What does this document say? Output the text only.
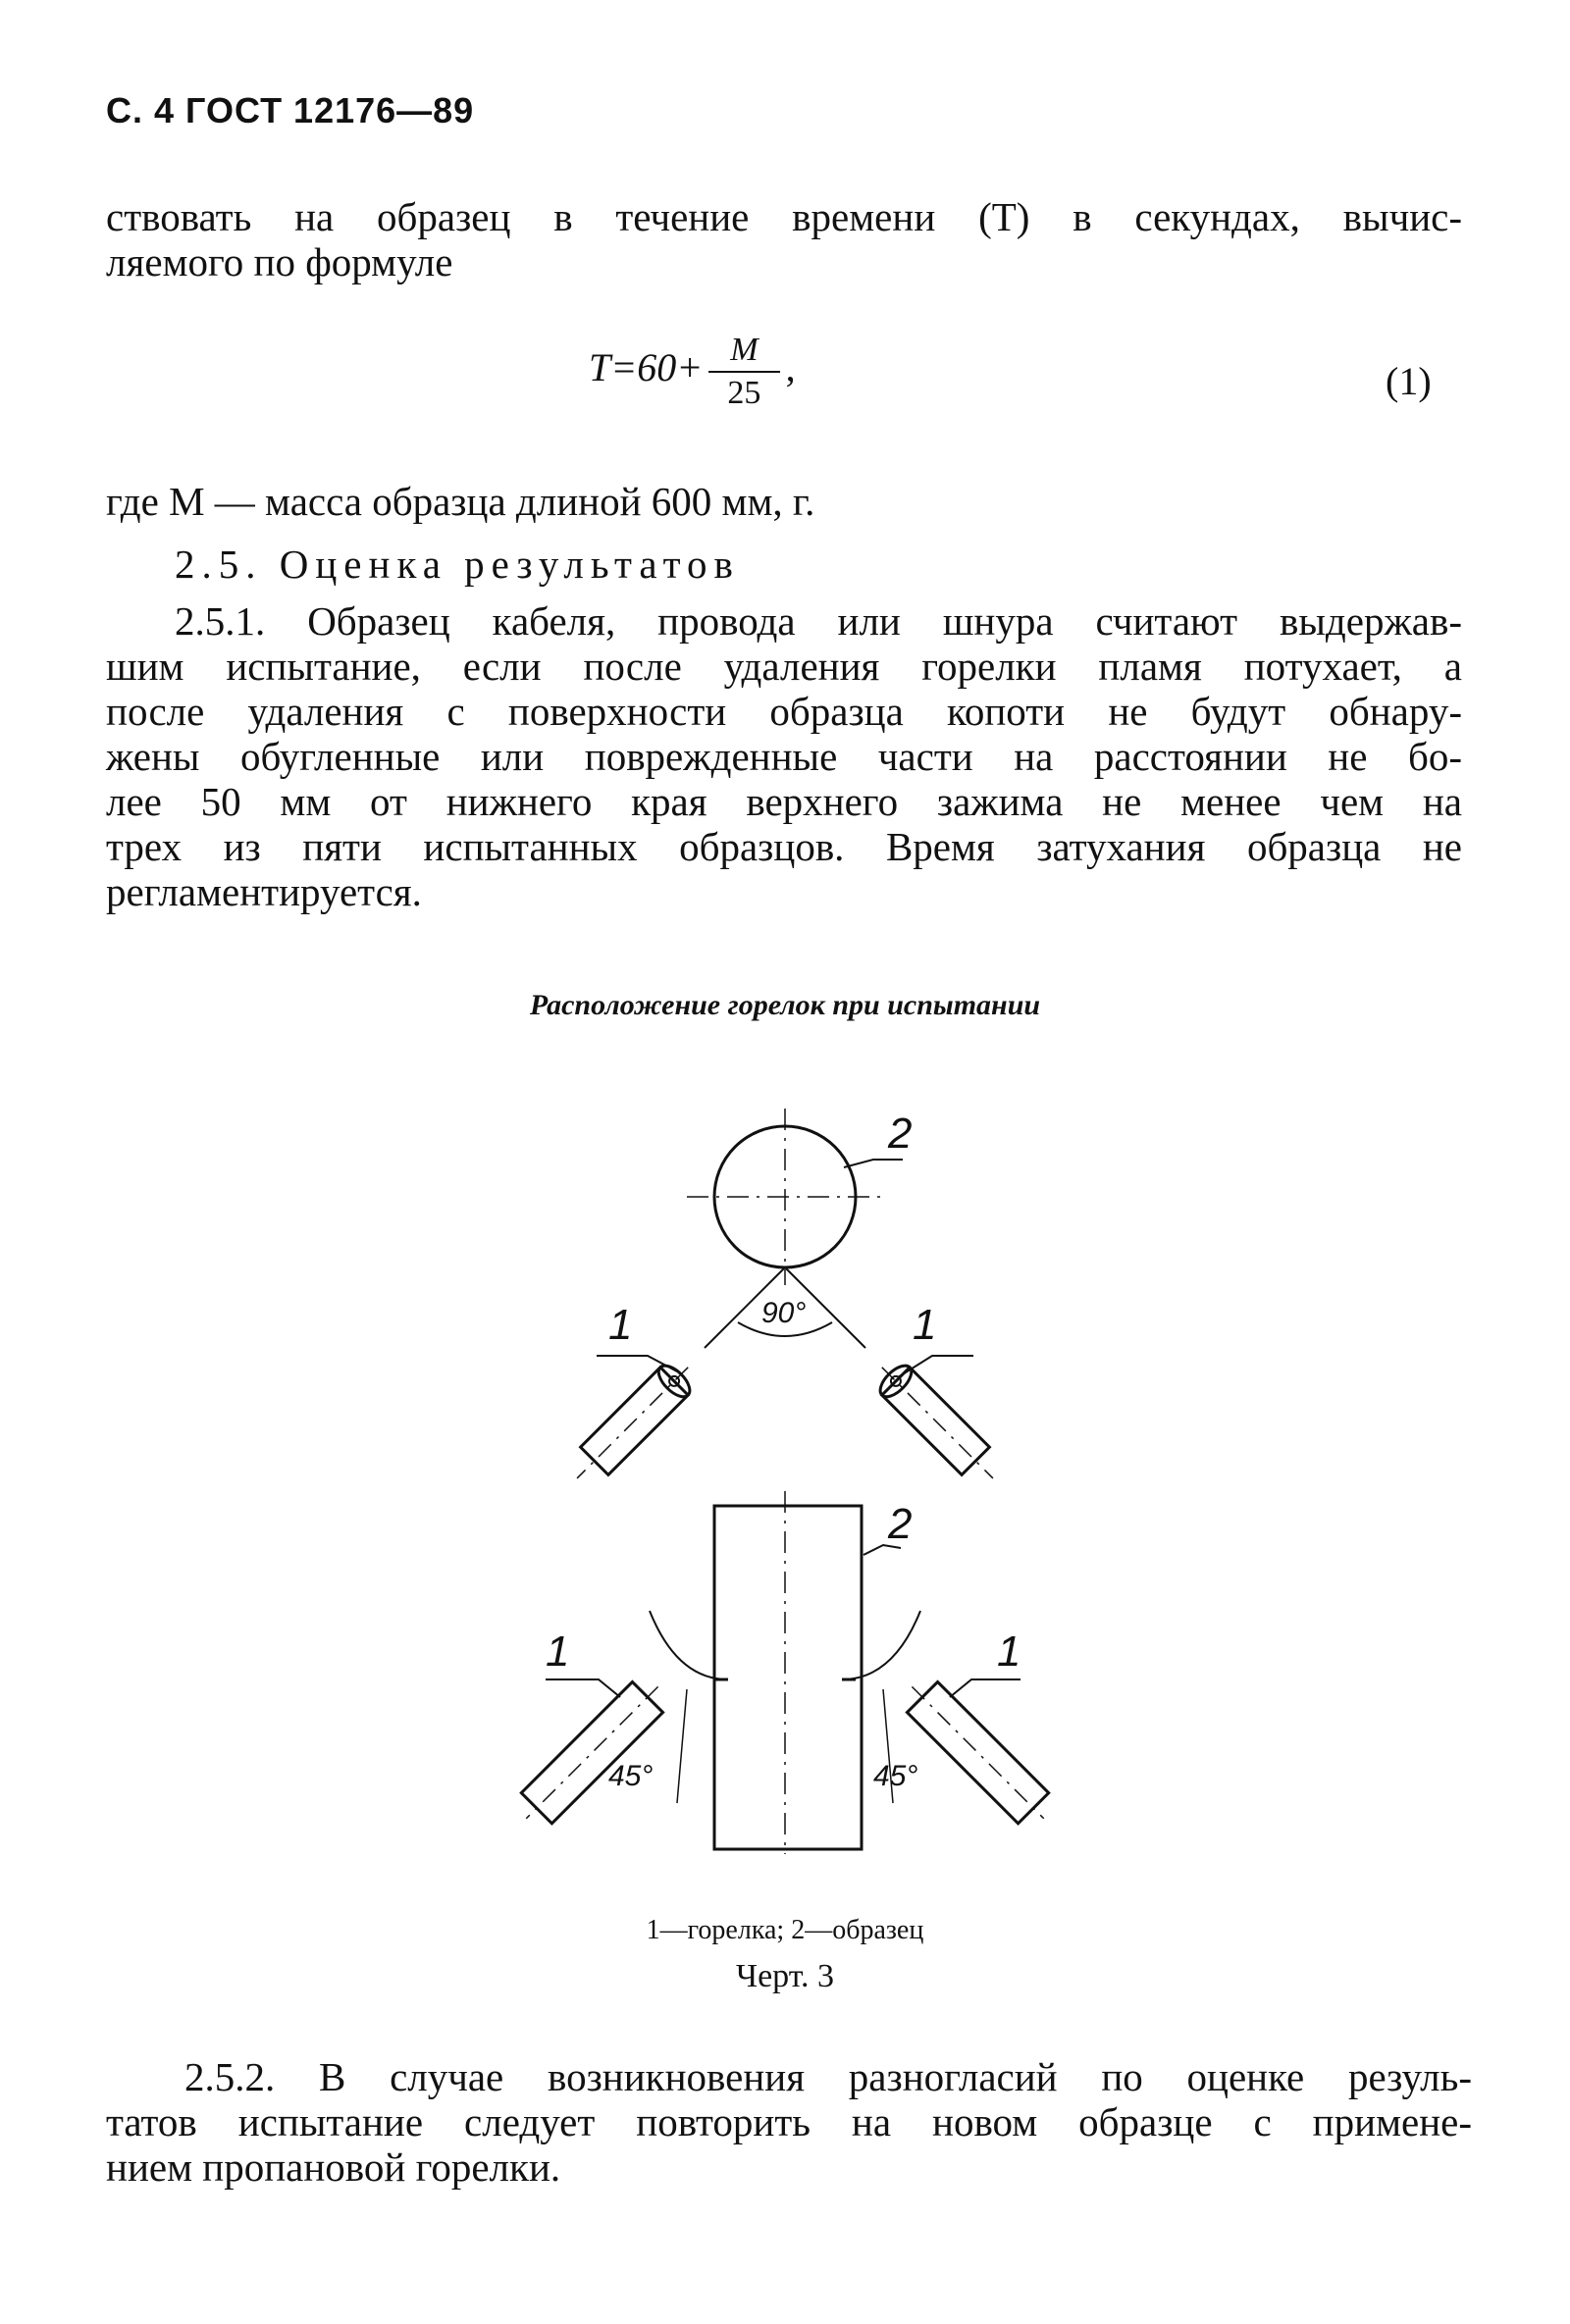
С. 4 ГОСТ 12176—89
ствовать на образец в течение времени (T) в секундах, вычис-
ляемого по формуле
$T=60+ \frac{M}{25}$ ,	(1)
где M — масса образца длиной 600 мм, г.
2.5. Оценка результатов
2.5.1. Образец кабеля, провода или шнура считают выдержав-
шим испытание, если после удаления горелки пламя потухает, а
после удаления с поверхности образца копоти не будут обнару-
жены обугленные или поврежденные части на расстоянии не бо-
лее 50 мм от нижнего края верхнего зажима не менее чем на
трех из пяти испытанных образцов. Время затухания образца не
регламентируется.
Расположение горелок при испытании
1	1
2
2
1	1
90°
45°	45°
1—горелка; 2—образец
Черт. 3
2.5.2. В случае возникновения разногласий по оценке резуль-
татов испытание следует повторить на новом образце с примене-
нием пропановой горелки.
